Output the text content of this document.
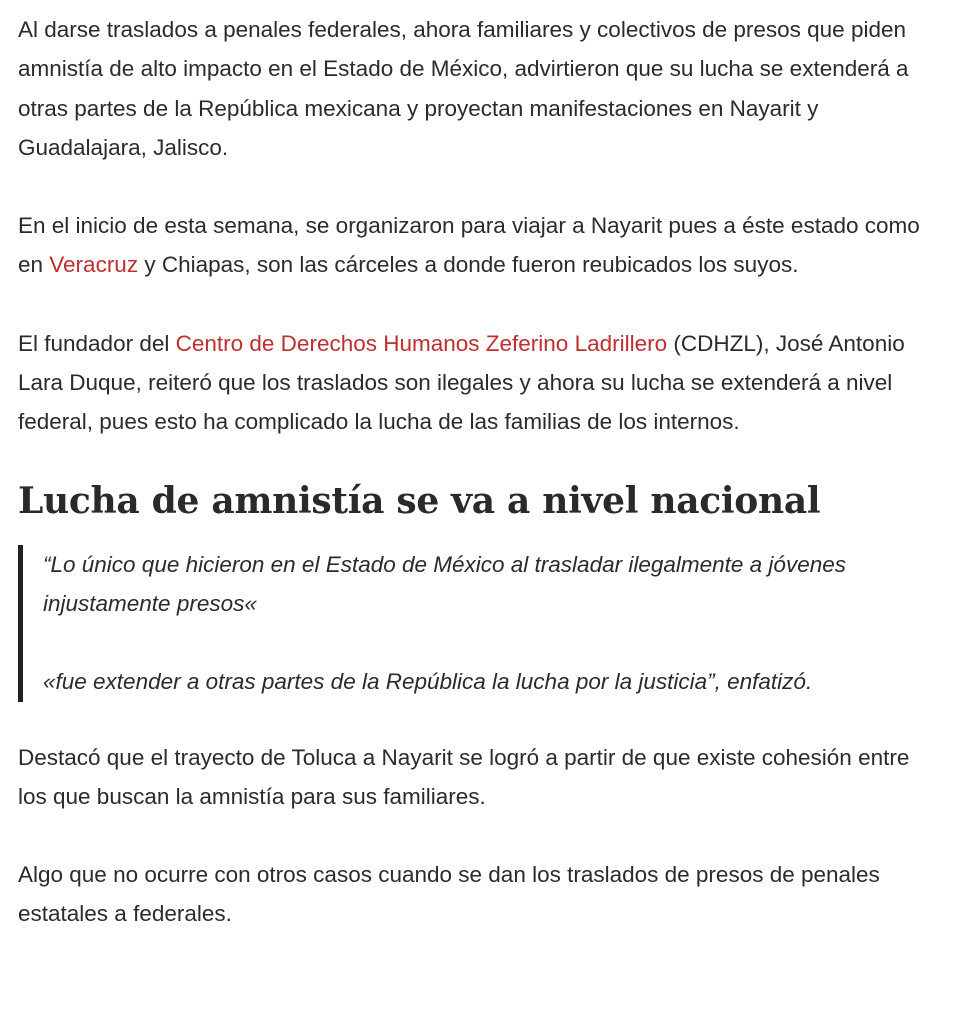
Al darse traslados a penales federales, ahora familiares y colectivos de presos que piden amnistía de alto impacto en el Estado de México, advirtieron que su lucha se extenderá a otras partes de la República mexicana y proyectan manifestaciones en Nayarit y Guadalajara, Jalisco.

En el inicio de esta semana, se organizaron para viajar a Nayarit pues a éste estado como en Veracruz y Chiapas, son las cárceles a donde fueron reubicados los suyos.

El fundador del Centro de Derechos Humanos Zeferino Ladrillero (CDHZL), José Antonio Lara Duque, reiteró que los traslados son ilegales y ahora su lucha se extenderá a nivel federal, pues esto ha complicado la lucha de las familias de los internos.

Lucha de amnistía se va a nivel nacional

“Lo único que hicieron en el Estado de México al trasladar ilegalmente a jóvenes injustamente presos«

«fue extender a otras partes de la República la lucha por la justicia”, enfatizó.

Destacó que el trayecto de Toluca a Nayarit se logró a partir de que existe cohesión entre los que buscan la amnistía para sus familiares.

Algo que no ocurre con otros casos cuando se dan los traslados de presos de penales estatales a federales.
